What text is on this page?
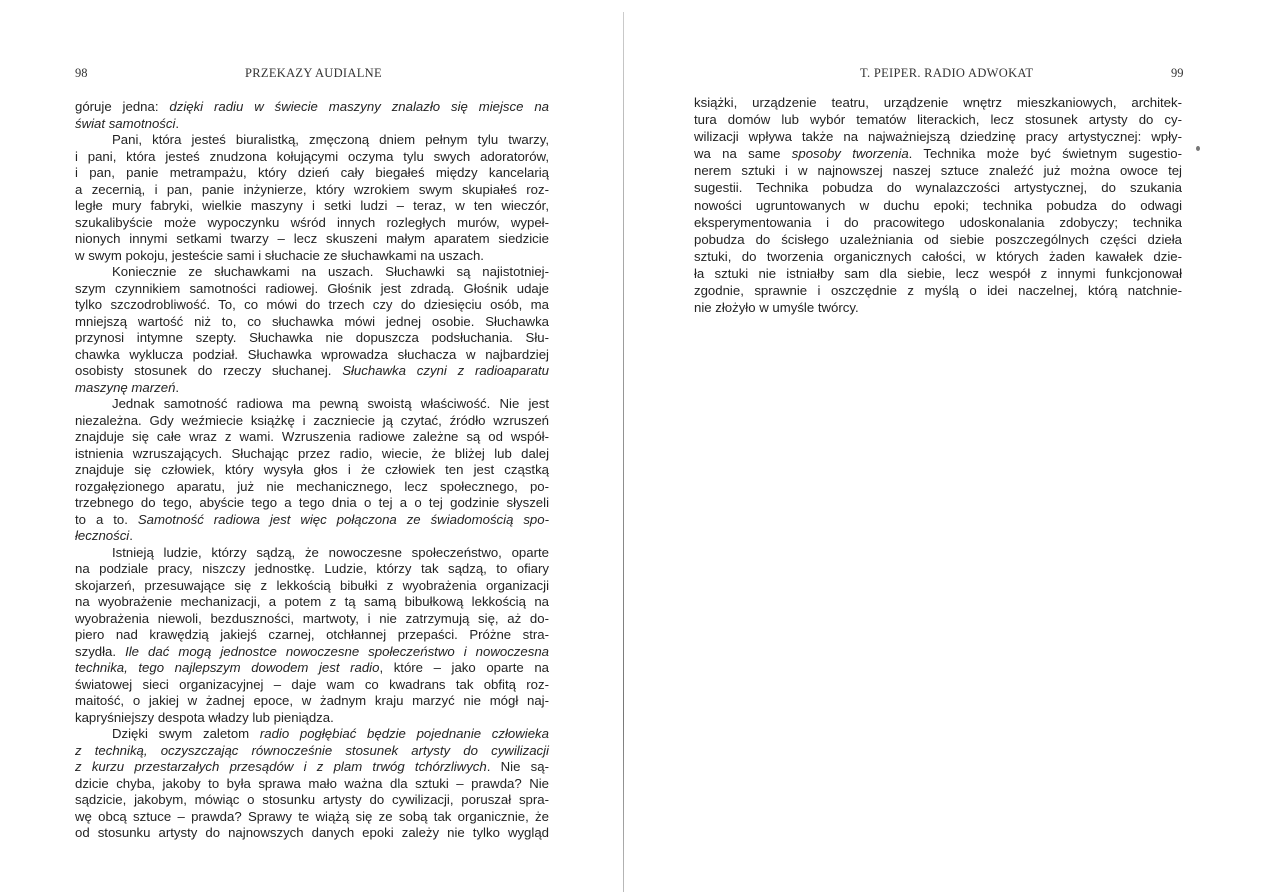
98	PRZEKAZY AUDIALNE
góruje jedna: dzięki radiu w świecie maszyny znalazło się miejsce na
świat samotności.
Pani, która jesteś biuralistką, zmęczoną dniem pełnym tylu twarzy,
i pani, która jesteś znudzona kołującymi oczyma tylu swych adoratorów,
i pan, panie metrampażu, który dzień cały biegałeś między kancelarią
a zecernią, i pan, panie inżynierze, który wzrokiem swym skupiałeś roz-
ległe mury fabryki, wielkie maszyny i setki ludzi – teraz, w ten wieczór,
szukalibyście może wypoczynku wśród innych rozległych murów, wypeł-
nionych innymi setkami twarzy – lecz skuszeni małym aparatem siedzicie
w swym pokoju, jesteście sami i słuchacie ze słuchawkami na uszach.
Koniecznie ze słuchawkami na uszach. Słuchawki są najistotniej-
szym czynnikiem samotności radiowej. Głośnik jest zdradą. Głośnik udaje
tylko szczodrobliwość. To, co mówi do trzech czy do dziesięciu osób, ma
mniejszą wartość niż to, co słuchawka mówi jednej osobie. Słuchawka
przynosi intymne szepty. Słuchawka nie dopuszcza podsłuchania. Słu-
chawka wyklucza podział. Słuchawka wprowadza słuchacza w najbardziej
osobisty stosunek do rzeczy słuchanej. Słuchawka czyni z radioaparatu
maszynę marzeń.
Jednak samotność radiowa ma pewną swoistą właściwość. Nie jest
niezależna. Gdy weźmiecie książkę i zaczniecie ją czytać, źródło wzruszeń
znajduje się całe wraz z wami. Wzruszenia radiowe zależne są od współ-
istnienia wzruszających. Słuchając przez radio, wiecie, że bliżej lub dalej
znajduje się człowiek, który wysyła głos i że człowiek ten jest cząstką
rozgałęzionego aparatu, już nie mechanicznego, lecz społecznego, po-
trzebnego do tego, abyście tego a tego dnia o tej a o tej godzinie słyszeli
to a to. Samotność radiowa jest więc połączona ze świadomością spo-
łeczności.
Istnieją ludzie, którzy sądzą, że nowoczesne społeczeństwo, oparte
na podziale pracy, niszczy jednostkę. Ludzie, którzy tak sądzą, to ofiary
skojarzeń, przesuwające się z lekkością bibułki z wyobrażenia organizacji
na wyobrażenie mechanizacji, a potem z tą samą bibułkową lekkością na
wyobrażenia niewoli, bezduszności, martwoty, i nie zatrzymują się, aż do-
piero nad krawędzią jakiejś czarnej, otchłannej przepaści. Próżne stra-
szydła. Ile dać mogą jednostce nowoczesne społeczeństwo i nowoczesna
technika, tego najlepszym dowodem jest radio, które – jako oparte na
światowej sieci organizacyjnej – daje wam co kwadrans tak obfitą roz-
maitość, o jakiej w żadnej epoce, w żadnym kraju marzyć nie mógł naj-
kapryśniejszy despota władzy lub pieniądza.
Dzięki swym zaletom radio pogłębiać będzie pojednanie człowieka
z techniką, oczyszczając równocześnie stosunek artysty do cywilizacji
z kurzu przestarzałych przesądów i z plam trwóg tchórzliwych. Nie są-
dzicie chyba, jakoby to była sprawa mało ważna dla sztuki – prawda? Nie
sądzicie, jakobym, mówiąc o stosunku artysty do cywilizacji, poruszał spra-
wę obcą sztuce – prawda? Sprawy te wiążą się ze sobą tak organicznie, że
od stosunku artysty do najnowszych danych epoki zależy nie tylko wygląd
T. PEIPER. RADIO ADWOKAT	99
książki, urządzenie teatru, urządzenie wnętrz mieszkaniowych, architek-
tura domów lub wybór tematów literackich, lecz stosunek artysty do cy-
wilizacji wpływa także na najważniejszą dziedzinę pracy artystycznej: wpły-
wa na same sposoby tworzenia. Technika może być świetnym sugestio-
nerem sztuki i w najnowszej naszej sztuce znaleźć już można owoce tej
sugestii. Technika pobudza do wynalazczości artystycznej, do szukania
nowości ugruntowanych w duchu epoki; technika pobudza do odwagi
eksperymentowania i do pracowitego udoskonalania zdobyczy; technika
pobudza do ścisłego uzależniania od siebie poszczególnych części dzieła
sztuki, do tworzenia organicznych całości, w których żaden kawałek dzie-
ła sztuki nie istniałby sam dla siebie, lecz wespół z innymi funkcjonował
zgodnie, sprawnie i oszczędnie z myślą o idei naczelnej, którą natchnie-
nie złożyło w umyśle twórcy.
